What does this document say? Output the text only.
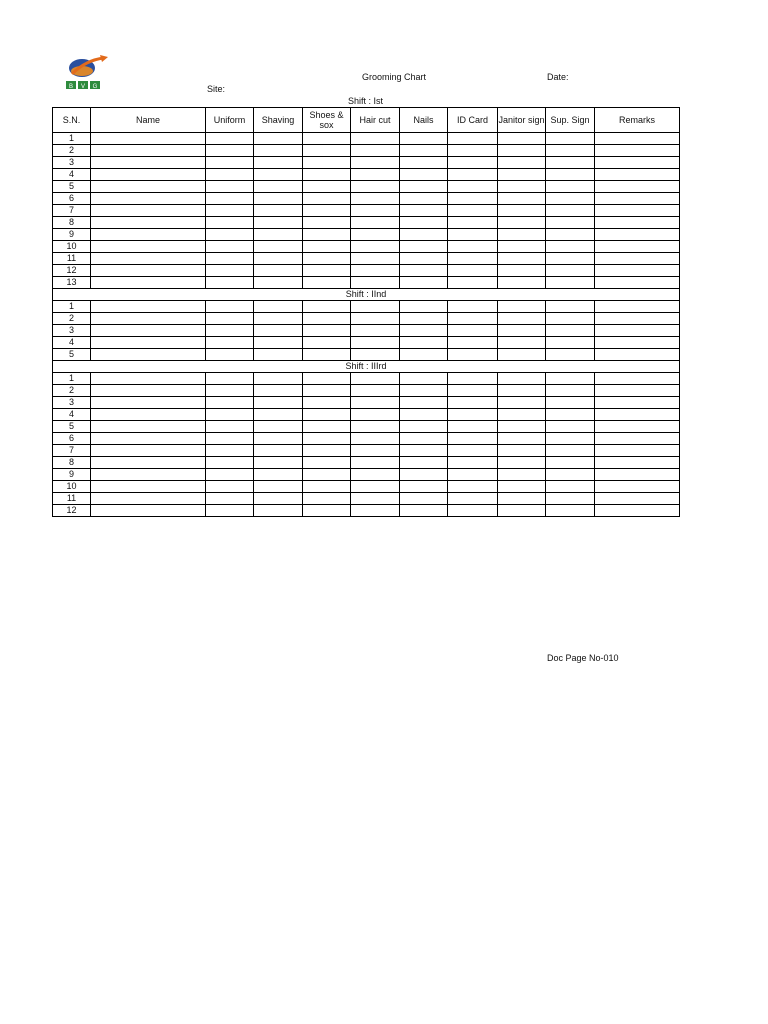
B V G
Grooming Chart	Date:
Site:
Shift : Ist
S.N.	Name	Uniform	Shaving	Shoes & sox	Hair cut	Nails	ID Card	Janitor sign	Sup. Sign	Remarks
1										
2										
3										
4										
5										
6										
7										
8										
9										
10										
11										
12										
13										
Shift : IInd										
1										
2										
3										
4										
5										
Shift : IIIrd										
1										
2										
3										
4										
5										
6										
7										
8										
9										
10										
11										
12										
Doc Page No-010
